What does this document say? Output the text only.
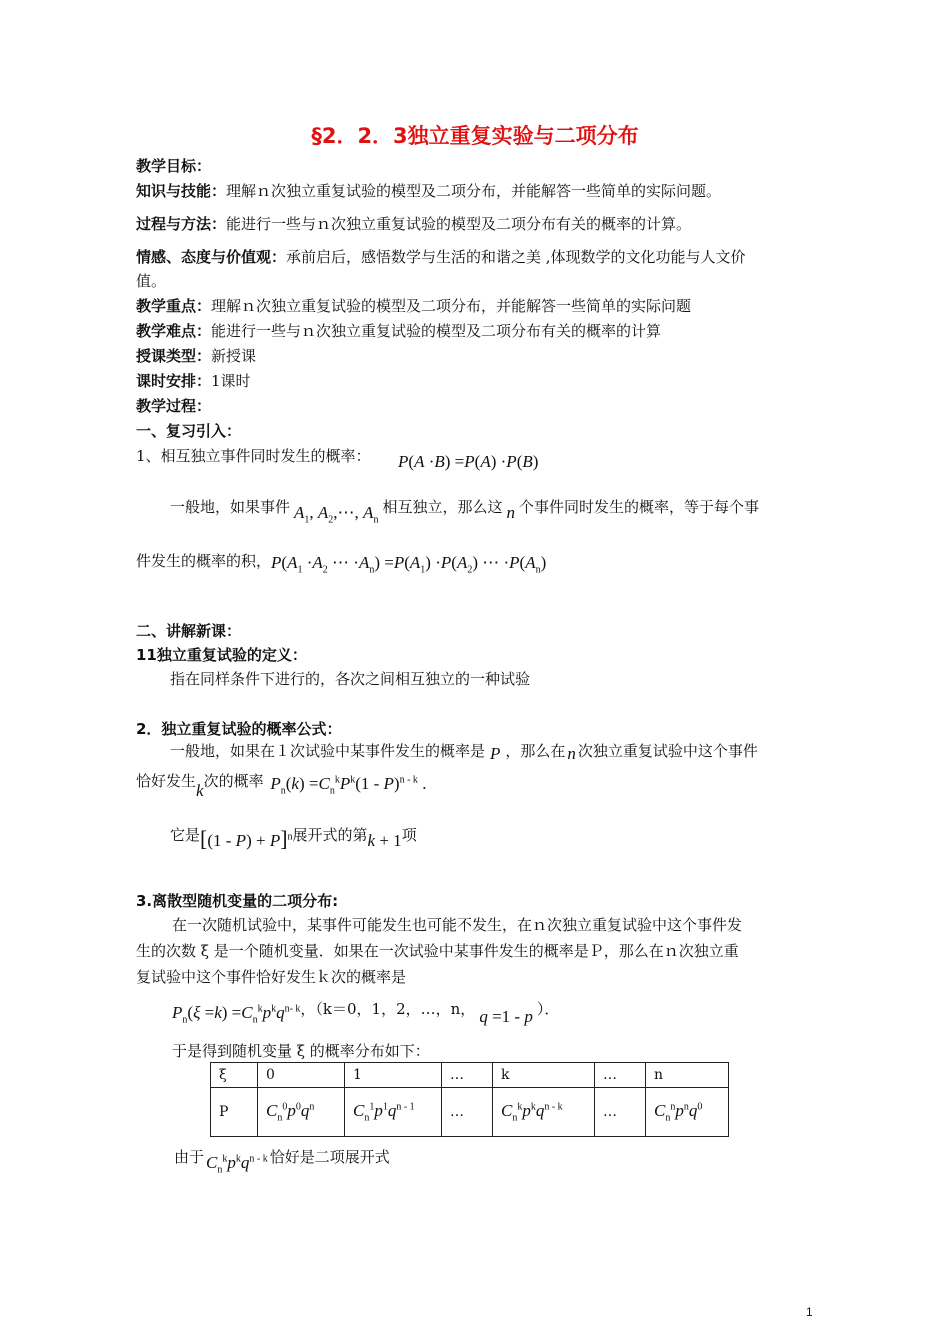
§2．2．3独立重复实验与二项分布
教学目标：
知识与技能：理解ｎ次独立重复试验的模型及二项分布，并能解答一些简单的实际问题。
过程与方法：能进行一些与ｎ次独立重复试验的模型及二项分布有关的概率的计算。
情感、态度与价值观：承前启后，感悟数学与生活的和谐之美 ,体现数学的文化功能与人文价
值。
教学重点：理解ｎ次独立重复试验的模型及二项分布，并能解答一些简单的实际问题
教学难点：能进行一些与ｎ次独立重复试验的模型及二项分布有关的概率的计算
授课类型：新授课
课时安排：1课时
教学过程：
一、复习引入：
1、相互独立事件同时发生的概率： P(A ·B) =P(A) ·P(B)
一般地，如果事件 $A_1$, $A_2,\cdots$, $A_n$相互独立，那么这 n 个事件同时发生的概率，等于每个事
件发生的概率的积，$P(A_1 \cdot A_2$ ⋯ $\cdot A_n) =P(A_1) \cdot P(A_2)$ ⋯ $\cdot P(A_n)$
二、讲解新课：
11独立重复试验的定义：
指在同样条件下进行的，各次之间相互独立的一种试验
2．独立重复试验的概率公式：
一般地，如果在１次试验中某事件发生的概率是 P ，那么在 n 次独立重复试验中这个事件
恰好发生k次的概率 $P_n(k) =C_n^kP^k(1 - P)^{n - k}$ .
它是$[(1 - P) + P]^n$展开式的第k + 1项
3.离散型随机变量的二项分布:
在一次随机试验中，某事件可能发生也可能不发生，在ｎ次独立重复试验中这个事件发
生的次数 ξ 是一个随机变量．如果在一次试验中某事件发生的概率是Ｐ，那么在ｎ次独立重
复试验中这个事件恰好发生ｋ次的概率是
$P_n(\xi =k) =C_n^kp^kq^{n- k}$，（k＝0，1，2，…，n， q =1 - p ）．
于是得到随机变量 ξ 的概率分布如下：
ξ	0	1	…	k	…	n
P	$C_n^0p^0q^n$	$C_n^1p^1q^{n - 1}$	…	$C_n^kp^kq^{n - k}$	…	$C_n^np^nq^0$
由于 $C_n^kp^kq^{n - k}$ 恰好是二项展开式
1
